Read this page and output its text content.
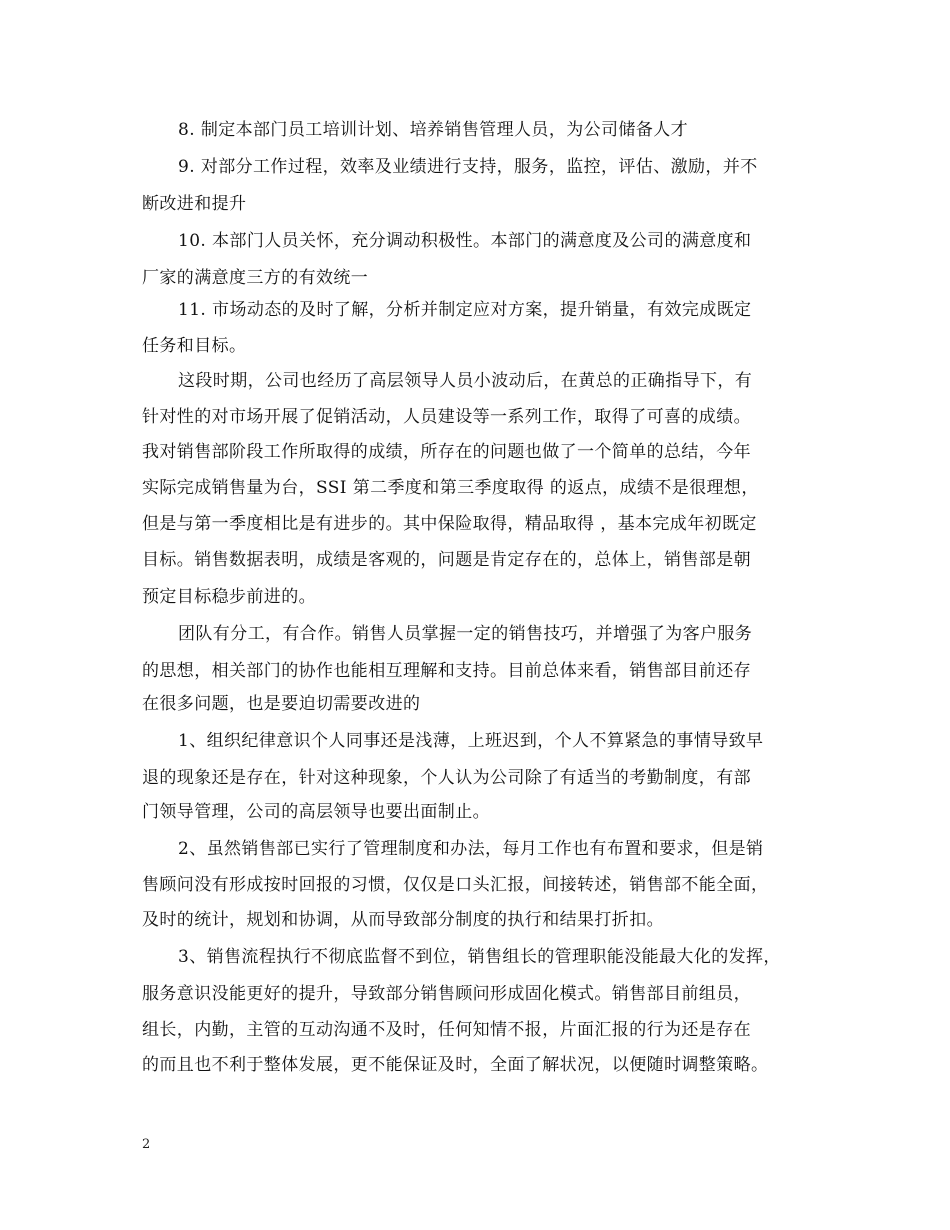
8. 制定本部门员工培训计划、培养销售管理人员，为公司储备人才
9. 对部分工作过程，效率及业绩进行支持，服务，监控，评估、激励，并不
断改进和提升
10. 本部门人员关怀，充分调动积极性。本部门的满意度及公司的满意度和
厂家的满意度三方的有效统一
11. 市场动态的及时了解，分析并制定应对方案，提升销量，有效完成既定
任务和目标。
这段时期，公司也经历了高层领导人员小波动后，在黄总的正确指导下，有
针对性的对市场开展了促销活动，人员建设等一系列工作，取得了可喜的成绩。
我对销售部阶段工作所取得的成绩，所存在的问题也做了一个简单的总结，今年
实际完成销售量为台，SSI 第二季度和第三季度取得 的返点，成绩不是很理想，
但是与第一季度相比是有进步的。其中保险取得，精品取得 ，基本完成年初既定
目标。销售数据表明，成绩是客观的，问题是肯定存在的，总体上，销售部是朝
预定目标稳步前进的。
团队有分工，有合作。销售人员掌握一定的销售技巧，并增强了为客户服务
的思想，相关部门的协作也能相互理解和支持。目前总体来看，销售部目前还存
在很多问题，也是要迫切需要改进的
1、组织纪律意识个人同事还是浅薄，上班迟到，个人不算紧急的事情导致早
退的现象还是存在，针对这种现象，个人认为公司除了有适当的考勤制度，有部
门领导管理，公司的高层领导也要出面制止。
2、虽然销售部已实行了管理制度和办法，每月工作也有布置和要求，但是销
售顾问没有形成按时回报的习惯，仅仅是口头汇报，间接转述，销售部不能全面，
及时的统计，规划和协调，从而导致部分制度的执行和结果打折扣。
3、销售流程执行不彻底监督不到位，销售组长的管理职能没能最大化的发挥，
服务意识没能更好的提升，导致部分销售顾问形成固化模式。销售部目前组员，
组长，内勤，主管的互动沟通不及时，任何知情不报，片面汇报的行为还是存在
的而且也不利于整体发展，更不能保证及时，全面了解状况，以便随时调整策略。
2
